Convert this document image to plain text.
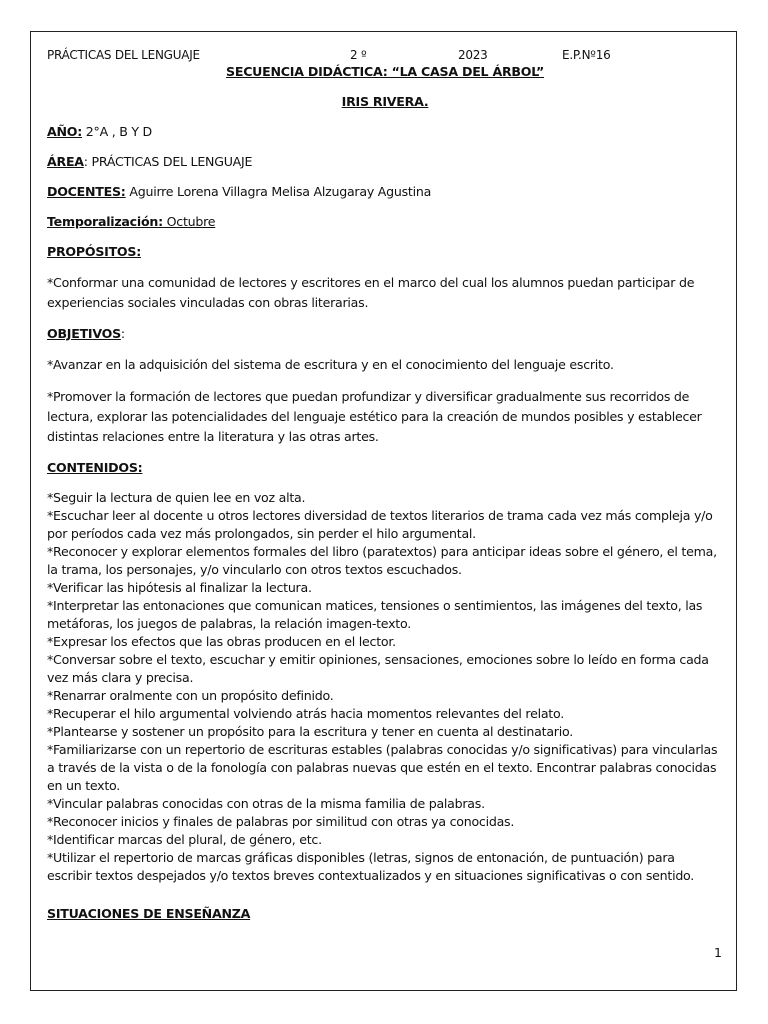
PRÁCTICAS DEL LENGUAJE	2 º	2023	E.P.Nº16
SECUENCIA DIDÁCTICA: “LA CASA DEL ÁRBOL”
IRIS RIVERA.
AÑO: 2°A , B Y D
ÁREA: PRÁCTICAS DEL LENGUAJE
DOCENTES: Aguirre Lorena Villagra Melisa Alzugaray Agustina
Temporalización: Octubre
PROPÓSITOS:
*Conformar una comunidad de lectores y escritores en el marco del cual los alumnos puedan participar de experiencias sociales vinculadas con obras literarias.
OBJETIVOS:
*Avanzar en la adquisición del sistema de escritura y en el conocimiento del lenguaje escrito.
*Promover la formación de lectores que puedan profundizar y diversificar gradualmente sus recorridos de lectura, explorar las potencialidades del lenguaje estético para la creación de mundos posibles y establecer distintas relaciones entre la literatura y las otras artes.
CONTENIDOS:
*Seguir la lectura de quien lee en voz alta.
*Escuchar leer al docente u otros lectores diversidad de textos literarios de trama cada vez más compleja y/o por períodos cada vez más prolongados, sin perder el hilo argumental.
*Reconocer y explorar elementos formales del libro (paratextos) para anticipar ideas sobre el género, el tema, la trama, los personajes, y/o vincularlo con otros textos escuchados.
*Verificar las hipótesis al finalizar la lectura.
*Interpretar las entonaciones que comunican matices, tensiones o sentimientos, las imágenes del texto, las metáforas, los juegos de palabras, la relación imagen-texto.
*Expresar los efectos que las obras producen en el lector.
*Conversar sobre el texto, escuchar y emitir opiniones, sensaciones, emociones sobre lo leído en forma cada vez más clara y precisa.
*Renarrar oralmente con un propósito definido.
*Recuperar el hilo argumental volviendo atrás hacia momentos relevantes del relato.
*Plantearse y sostener un propósito para la escritura y tener en cuenta al destinatario.
*Familiarizarse con un repertorio de escrituras estables (palabras conocidas y/o significativas) para vincularlas a través de la vista o de la fonología con palabras nuevas que estén en el texto. Encontrar palabras conocidas en un texto.
*Vincular palabras conocidas con otras de la misma familia de palabras.
*Reconocer inicios y finales de palabras por similitud con otras ya conocidas.
*Identificar marcas del plural, de género, etc.
*Utilizar el repertorio de marcas gráficas disponibles (letras, signos de entonación, de puntuación) para escribir textos despejados y/o textos breves contextualizados y en situaciones significativas o con sentido.
SITUACIONES DE ENSEÑANZA
1
